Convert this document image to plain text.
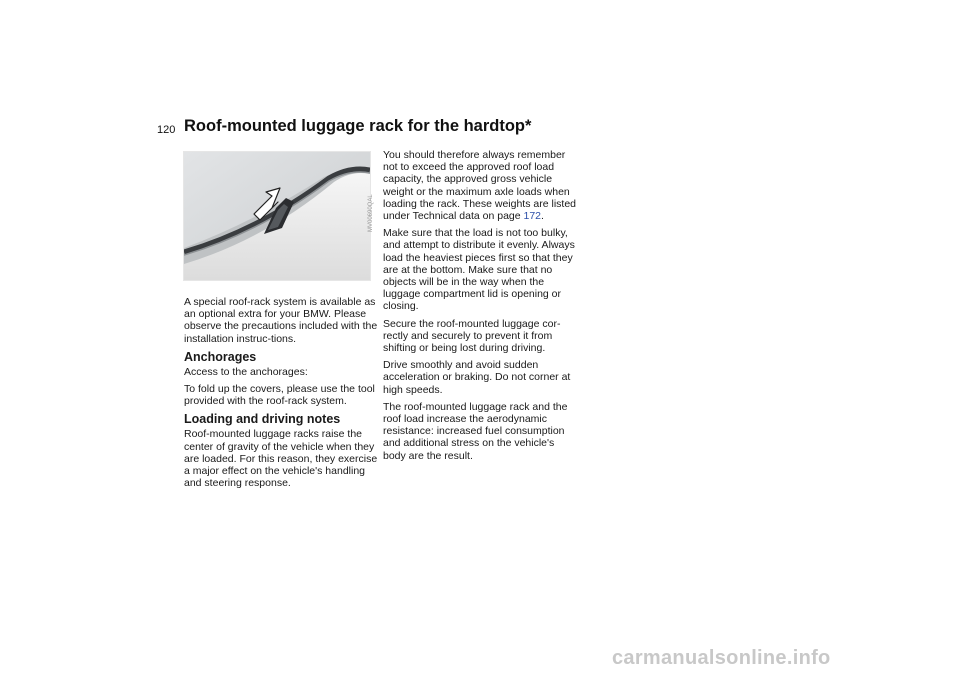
120 Roof-mounted luggage rack for the hardtop*
MV00690QAL

A special roof-rack system is available as an optional extra for your BMW. Please observe the precautions included with the installation instruc-tions.

Anchorages

Access to the anchorages:

To fold up the covers, please use the tool provided with the roof-rack system.

Loading and driving notes

Roof-mounted luggage racks raise the center of gravity of the vehicle when they are loaded. For this reason, they exercise a major effect on the vehicle's handling and steering response.

You should therefore always remember not to exceed the approved roof load capacity, the approved gross vehicle weight or the maximum axle loads when loading the rack. These weights are listed under Technical data on page 172.

Make sure that the load is not too bulky, and attempt to distribute it evenly. Always load the heaviest pieces first so that they are at the bottom. Make sure that no objects will be in the way when the luggage compartment lid is opening or closing.

Secure the roof-mounted luggage cor-rectly and securely to prevent it from shifting or being lost during driving.

Drive smoothly and avoid sudden acceleration or braking. Do not corner at high speeds.

The roof-mounted luggage rack and the roof load increase the aerodynamic resistance: increased fuel consumption and additional stress on the vehicle's body are the result.

carmanualsonline.info
